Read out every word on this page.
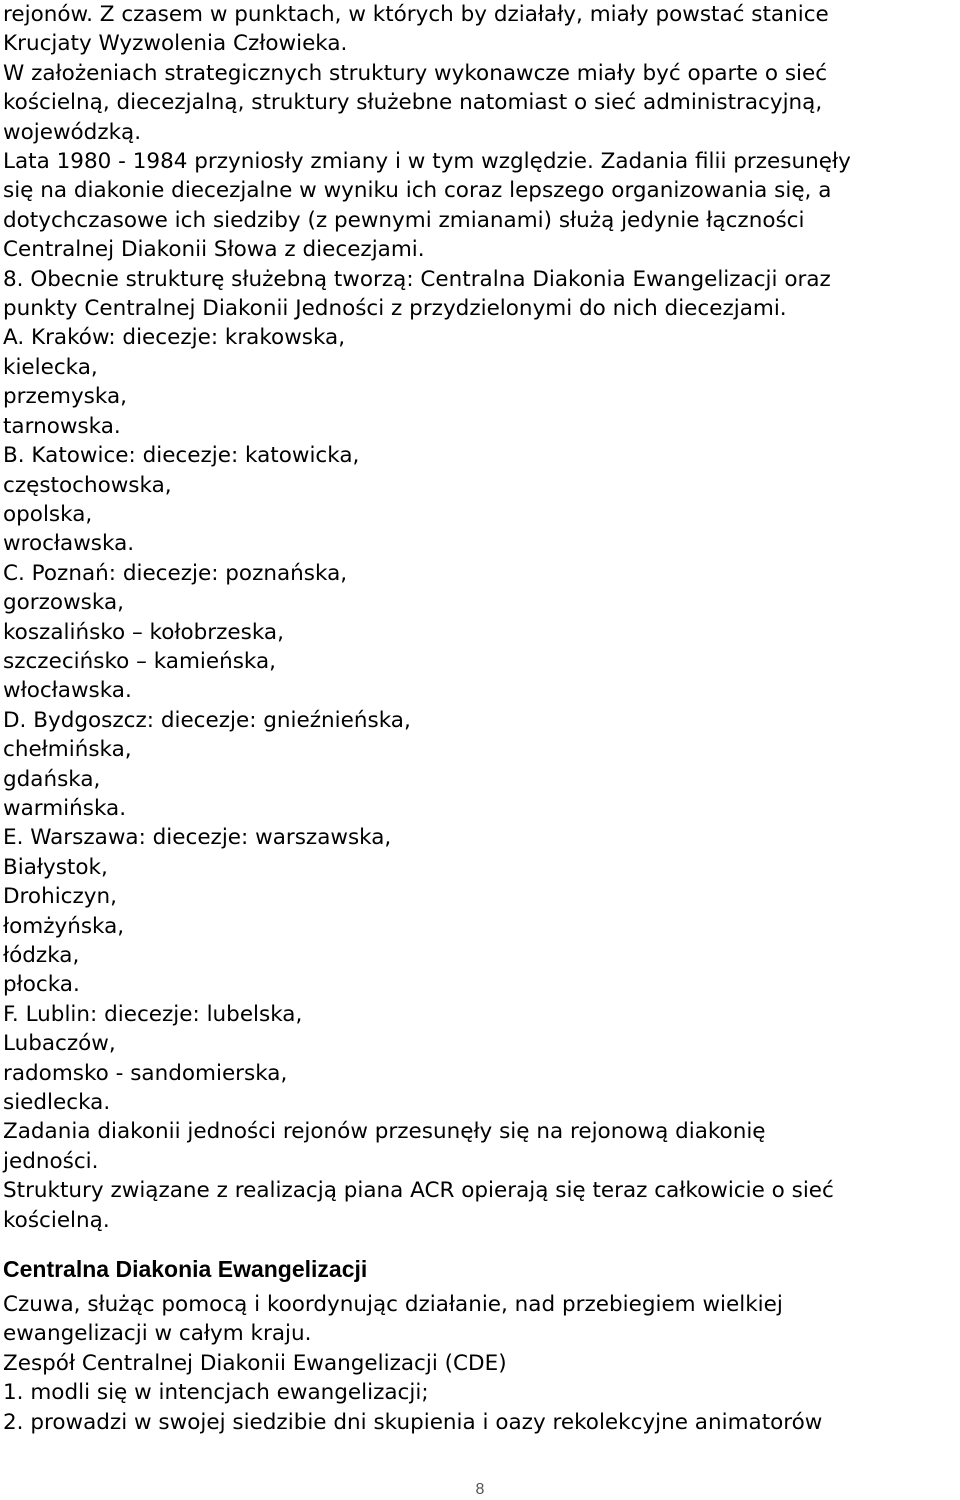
rejonów. Z czasem w punktach, w których by działały, miały powstać stanice
Krucjaty Wyzwolenia Człowieka.
W założeniach strategicznych struktury wykonawcze miały być oparte o sieć
kościelną, diecezjalną, struktury służebne natomiast o sieć administracyjną,
wojewódzką.
Lata 1980 - 1984 przyniosły zmiany i w tym względzie. Zadania filii przesunęły
się na diakonie diecezjalne w wyniku ich coraz lepszego organizowania się, a
dotychczasowe ich siedziby (z pewnymi zmianami) służą jedynie łączności
Centralnej Diakonii Słowa z diecezjami.
8. Obecnie strukturę służebną tworzą: Centralna Diakonia Ewangelizacji oraz
punkty Centralnej Diakonii Jedności z przydzielonymi do nich diecezjami.
A. Kraków: diecezje: krakowska,
kielecka,
przemyska,
tarnowska.
B. Katowice: diecezje: katowicka,
częstochowska,
opolska,
wrocławska.
C. Poznań: diecezje: poznańska,
gorzowska,
koszalińsko – kołobrzeska,
szczecińsko – kamieńska,
włocławska.
D. Bydgoszcz: diecezje: gnieźnieńska,
chełmińska,
gdańska,
warmińska.
E. Warszawa: diecezje: warszawska,
Białystok,
Drohiczyn,
łomżyńska,
łódzka,
płocka.
F. Lublin: diecezje: lubelska,
Lubaczów,
radomsko - sandomierska,
siedlecka.
Zadania diakonii jedności rejonów przesunęły się na rejonową diakonię
jedności.
Struktury związane z realizacją piana ACR opierają się teraz całkowicie o sieć
kościelną.
Centralna Diakonia Ewangelizacji
Czuwa, służąc pomocą i koordynując działanie, nad przebiegiem wielkiej
ewangelizacji w całym kraju.
Zespół Centralnej Diakonii Ewangelizacji (CDE)
1. modli się w intencjach ewangelizacji;
2. prowadzi w swojej siedzibie dni skupienia i oazy rekolekcyjne animatorów
8
